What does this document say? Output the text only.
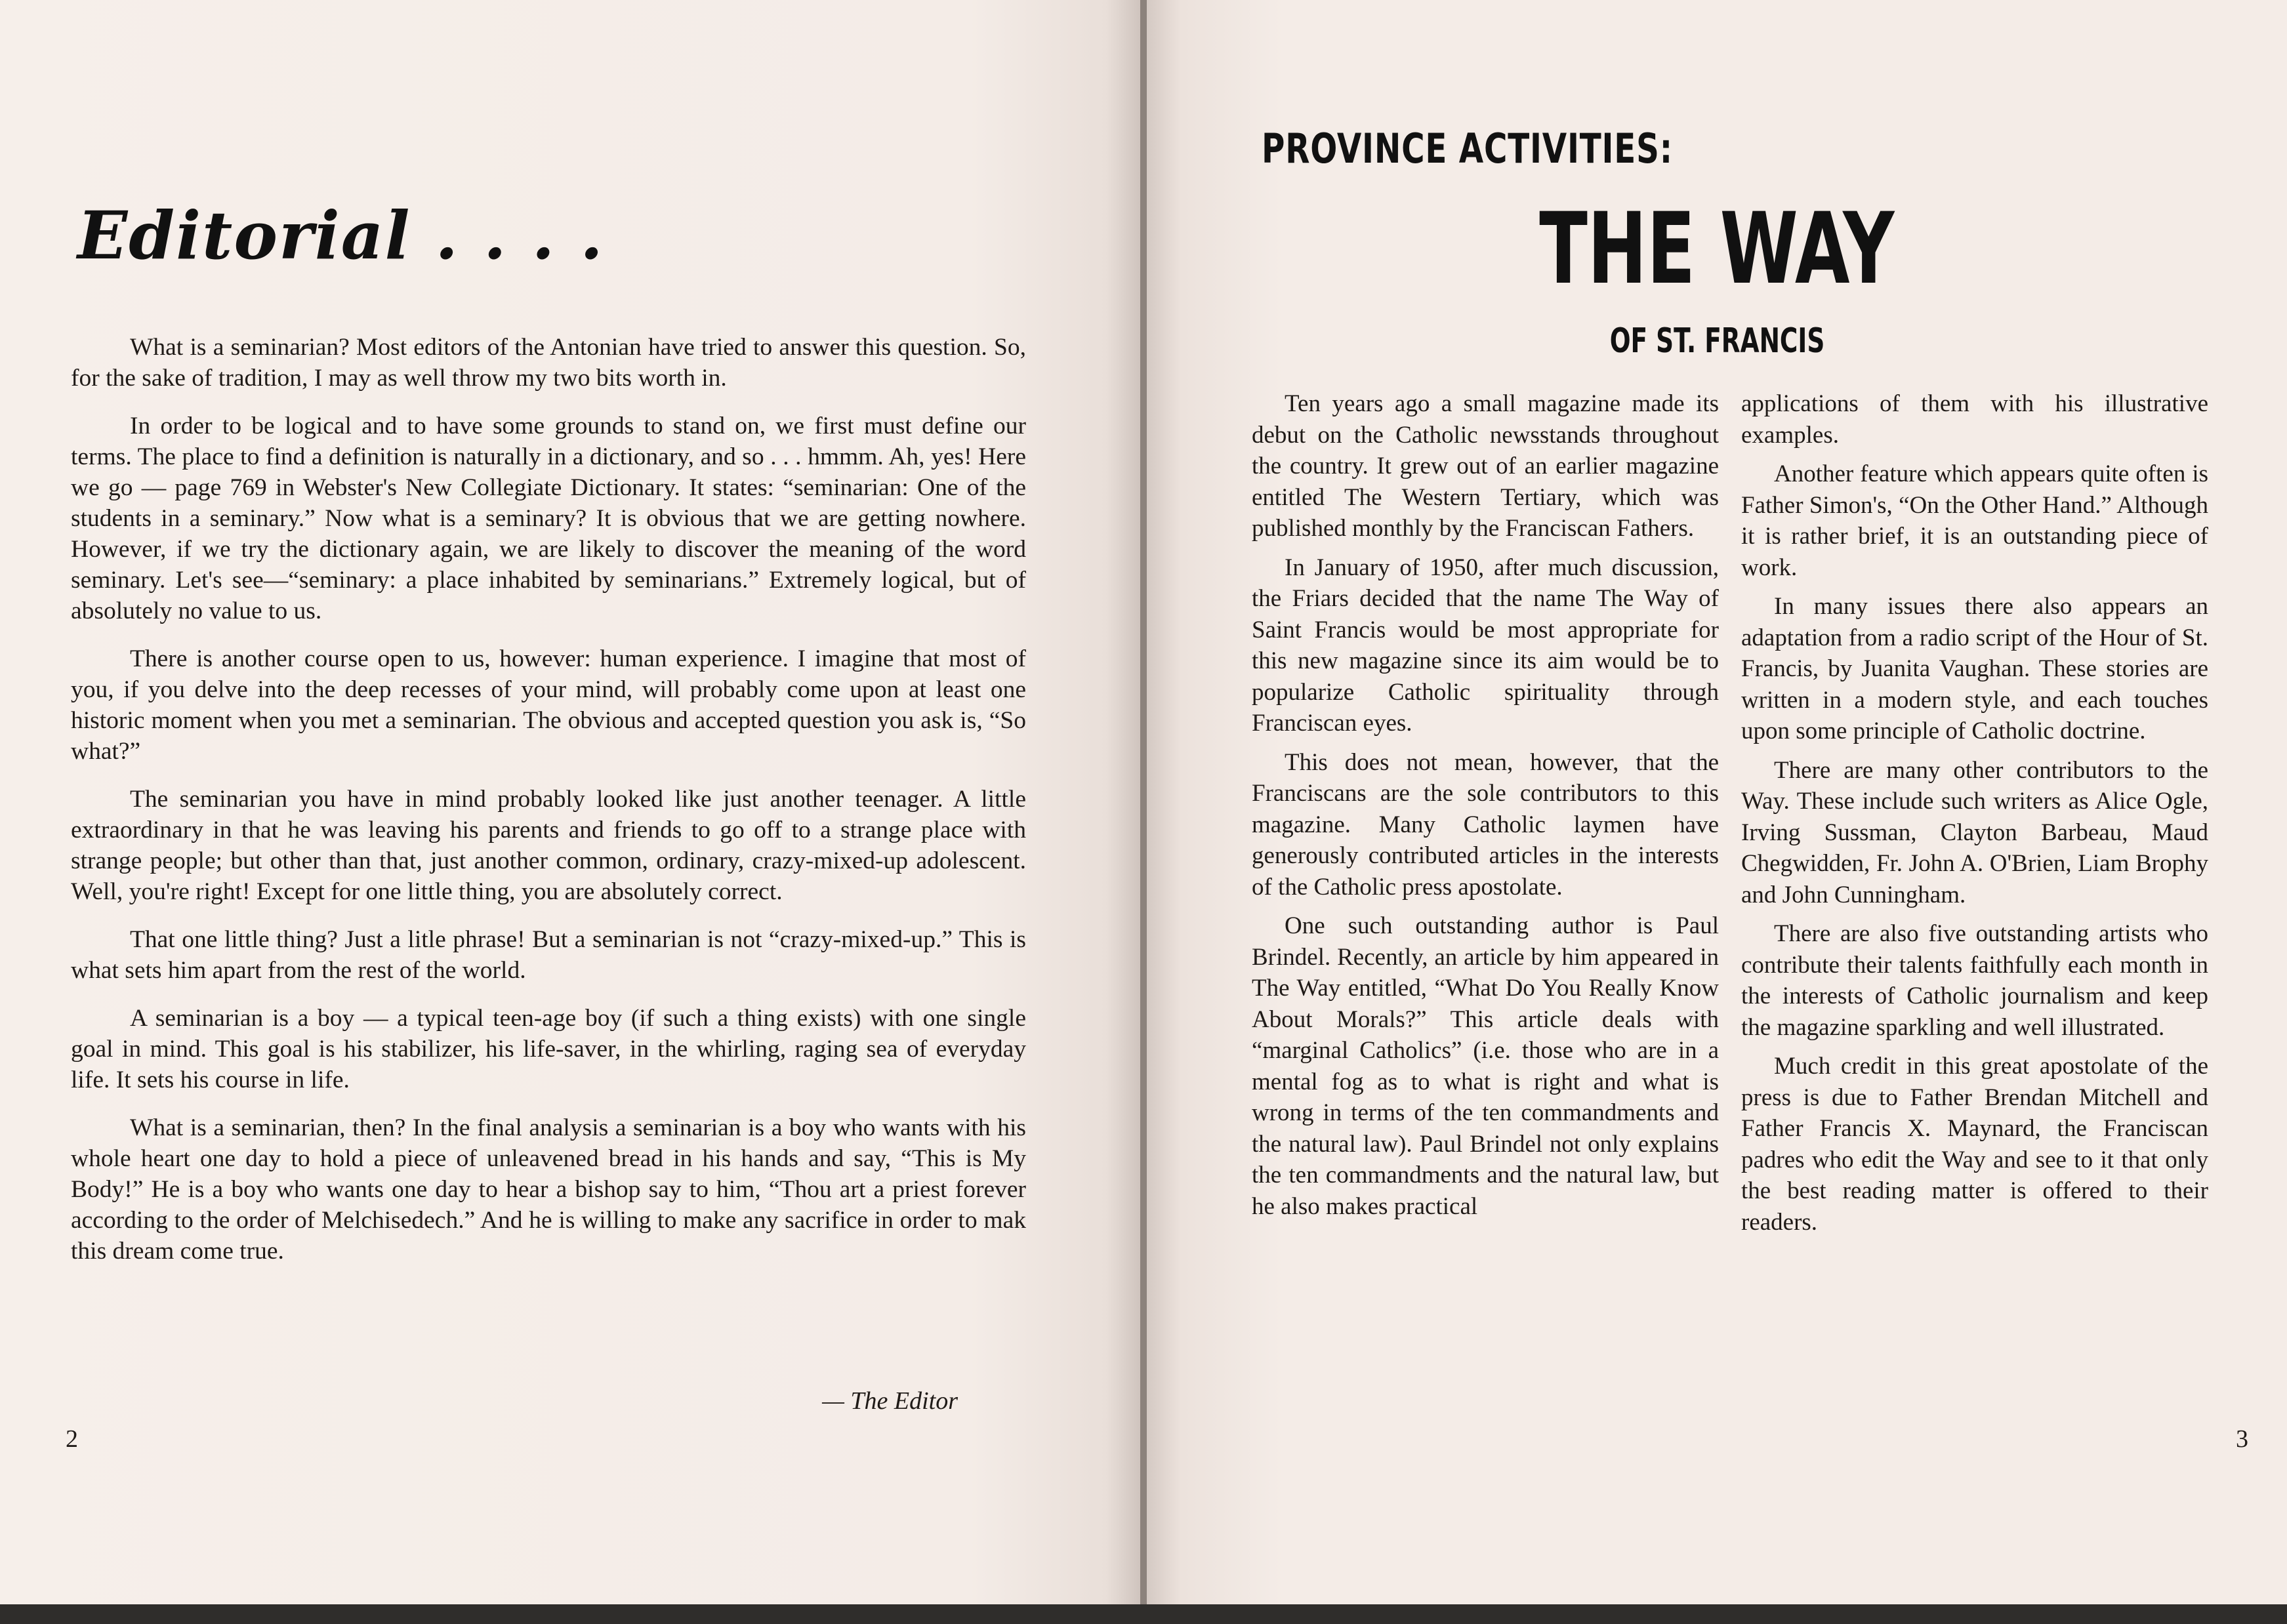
Editorial . . . .

What is a seminarian? Most editors of the Antonian have tried to answer this question. So, for the sake of tradition, I may as well throw my two bits worth in.

In order to be logical and to have some grounds to stand on, we first must define our terms. The place to find a definition is naturally in a dictionary, and so . . . hmmm. Ah, yes! Here we go — page 769 in Webster's New Collegiate Dictionary. It states: “seminarian: One of the students in a seminary.” Now what is a seminary? It is obvious that we are getting nowhere. However, if we try the dictionary again, we are likely to discover the meaning of the word seminary. Let's see—“seminary: a place inhabited by seminarians.” Extremely logical, but of absolutely no value to us.

There is another course open to us, however: human experience. I imagine that most of you, if you delve into the deep recesses of your mind, will probably come upon at least one historic moment when you met a seminarian. The obvious and accepted question you ask is, “So what?”

The seminarian you have in mind probably looked like just another teenager. A little extraordinary in that he was leaving his parents and friends to go off to a strange place with strange people; but other than that, just another common, ordinary, crazy-mixed-up adolescent. Well, you're right! Except for one little thing, you are absolutely correct.

That one little thing? Just a litle phrase! But a seminarian is not “crazy-mixed-up.” This is what sets him apart from the rest of the world.

A seminarian is a boy — a typical teen-age boy (if such a thing exists) with one single goal in mind. This goal is his stabilizer, his life-saver, in the whirling, raging sea of everyday life. It sets his course in life.

What is a seminarian, then? In the final analysis a seminarian is a boy who wants with his whole heart one day to hold a piece of unleavened bread in his hands and say, “This is My Body!” He is a boy who wants one day to hear a bishop say to him, “Thou art a priest forever according to the order of Melchisedech.” And he is willing to make any sacrifice in order to mak this dream come true.

— The Editor
2
PROVINCE ACTIVITIES:
THE WAY
OF ST. FRANCIS

Ten years ago a small magazine made its debut on the Catholic newsstands throughout the country. It grew out of an earlier magazine entitled The Western Tertiary, which was published monthly by the Franciscan Fathers.

In January of 1950, after much discussion, the Friars decided that the name The Way of Saint Francis would be most appropriate for this new magazine since its aim would be to popularize Catholic spirituality through Franciscan eyes.

This does not mean, however, that the Franciscans are the sole contributors to this magazine. Many Catholic laymen have generously contributed articles in the interests of the Catholic press apostolate.

One such outstanding author is Paul Brindel. Recently, an article by him appeared in The Way entitled, “What Do You Really Know About Morals?” This article deals with “marginal Catholics” (i.e. those who are in a mental fog as to what is right and what is wrong in terms of the ten commandments and the natural law). Paul Brindel not only explains the ten commandments and the natural law, but he also makes practical

applications of them with his illustrative examples.

Another feature which appears quite often is Father Simon's, “On the Other Hand.” Although it is rather brief, it is an outstanding piece of work.

In many issues there also appears an adaptation from a radio script of the Hour of St. Francis, by Juanita Vaughan. These stories are written in a modern style, and each touches upon some principle of Catholic doctrine.

There are many other contributors to the Way. These include such writers as Alice Ogle, Irving Sussman, Clayton Barbeau, Maud Chegwidden, Fr. John A. O'Brien, Liam Brophy and John Cunningham.

There are also five outstanding artists who contribute their talents faithfully each month in the interests of Catholic journalism and keep the magazine sparkling and well illustrated.

Much credit in this great apostolate of the press is due to Father Brendan Mitchell and Father Francis X. Maynard, the Franciscan padres who edit the Way and see to it that only the best reading matter is offered to their readers.

3
